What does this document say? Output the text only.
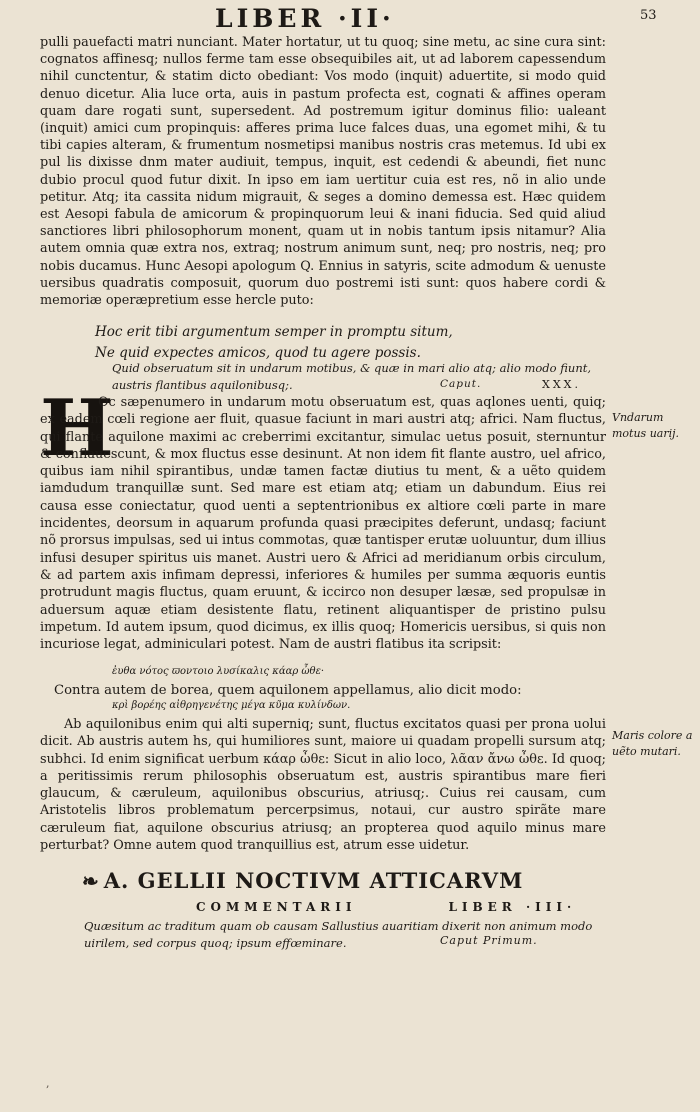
LIBER ·II·	53

pulli pauefacti matri nunciant. Mater hortatur, ut tu quoq; sine metu, ac sine cura sint: cognatos affinesq; nullos ferme tam esse obsequibiles ait, ut ad laborem capessendum nihil cunctentur, & statim dicto obediant: Vos modo (inquit) aduertite, si modo quid denuo dicetur. Alia luce orta, auis in pastum profecta est, cognati & affines operam quam dare rogati sunt, supersedent. Ad postremum igitur dominus filio: ualeant (inquit) amici cum propinquis: afferes prima luce falces duas, una egomet mihi, & tu tibi capies alteram, & frumentum nosmetipsi manibus nostris cras metemus. Id ubi ex pul lis dixisse dnm mater audiuit, tempus, inquit, est cedendi & abeundi, fiet nunc dubio procul quod futur dixit. In ipso em iam uertitur cuia est res, nõ in alio unde petitur. Atq; ita cassita nidum migrauit, & seges a domino demessa est. Hæc quidem est Aesopi fabula de amicorum & propinquorum leui & inani fiducia. Sed quid aliud sanctiores libri philosophorum monent, quam ut in nobis tantum ipsis nitamur? Alia autem omnia quæ extra nos, extraq; nostrum animum sunt, neq; pro nostris, neq; pro nobis ducamus. Hunc Aesopi apologum Q. Ennius in satyris, scite admodum & uenuste uersibus quadratis composuit, quorum duo postremi isti sunt: quos habere cordi & memoriæ operæpretium esse hercle puto:

Hoc erit tibi argumentum semper in promptu situm,
Ne quid expectes amicos, quod tu agere possis.
Quid obseruatum sit in undarum motibus, & quæ in mari alio atq; alio modo fiunt, austris flantibus aquilonibusq;.	Caput.	XXX.
H

Oc sæpenumero in undarum motu obseruatum est, quas aqlones uenti, quiq; ex eadem cœli regione aer fluit, quasue faciunt in mari austri atq; africi. Nam fluctus, qui flante aquilone maximi ac creberrimi excitantur, simulac uetus posuit, sternuntur & conflauescunt, & mox fluctus esse desinunt. At non idem fit flante austro, uel africo, quibus iam nihil spirantibus, undæ tamen factæ diutius tu ment, & a uẽto quidem iamdudum tranquillæ sunt. Sed mare est etiam atq; etiam un dabundum. Eius rei causa esse coniectatur, quod uenti a septentrionibus ex altiore cœli parte in mare incidentes, deorsum in aquarum profunda quasi præcipites deferunt, undasq; faciunt nõ prorsus impulsas, sed ui intus commotas, quæ tantisper erutæ uoluuntur, dum illius infusi desuper spiritus uis manet. Austri uero & Africi ad meridianum orbis circulum, & ad partem axis infimam depressi, inferiores & humiles per summa æquoris euntis protrudunt magis fluctus, quam eruunt, & iccirco non desuper læsæ, sed propulsæ in aduersum aquæ etiam desistente flatu, retinent aliquantisper de pristino pulsu impetum. Id autem ipsum, quod dicimus, ex illis quoq; Homericis uersibus, si quis non incuriose legat, adminiculari potest. Nam de austri flatibus ita scripsit:

ἐυθα νότος ϖοντοιο λυσίκαλις κάαρ ὦθε·

Contra autem de borea, quem aquilonem appellamus, alio dicit modo:

κρὶ βορέης αἰθρηγενέτης μέγα κῦμα κυλίνδων.

Ab aquilonibus enim qui alti superniq; sunt, fluctus excitatos quasi per prona uolui dicit. Ab austris autem hs, qui humiliores sunt, maiore ui quadam propelli sursum atq; subhci. Id enim significat uerbum κάαρ ὦθε: Sicut in alio loco, λᾶαν ἄνω ὦθε. Id quoq; a peritissimis rerum philosophis obseruatum est, austris spirantibus mare fieri glaucum, & cæruleum, aquilonibus obscurius, atriusq;. Cuius rei causam, cum Aristotelis libros problematum percerpsimus, notaui, cur austro spirãte mare cæruleum fiat, aquilone obscurius atriusq; an propterea quod aquilo minus mare perturbat? Omne autem quod tranquillius est, atrum esse uidetur.

Vndarum motus uarij.
Maris colore a uẽto mutari.
❧ A. GELLII NOCTIVM ATTICARVM
COMMENTARII	LIBER ·III·
Quæsitum ac traditum quam ob causam Sallustius auaritiam dixerit non animum modo uirilem, sed corpus quoq; ipsum effœminare.	Caput Primum.
,
